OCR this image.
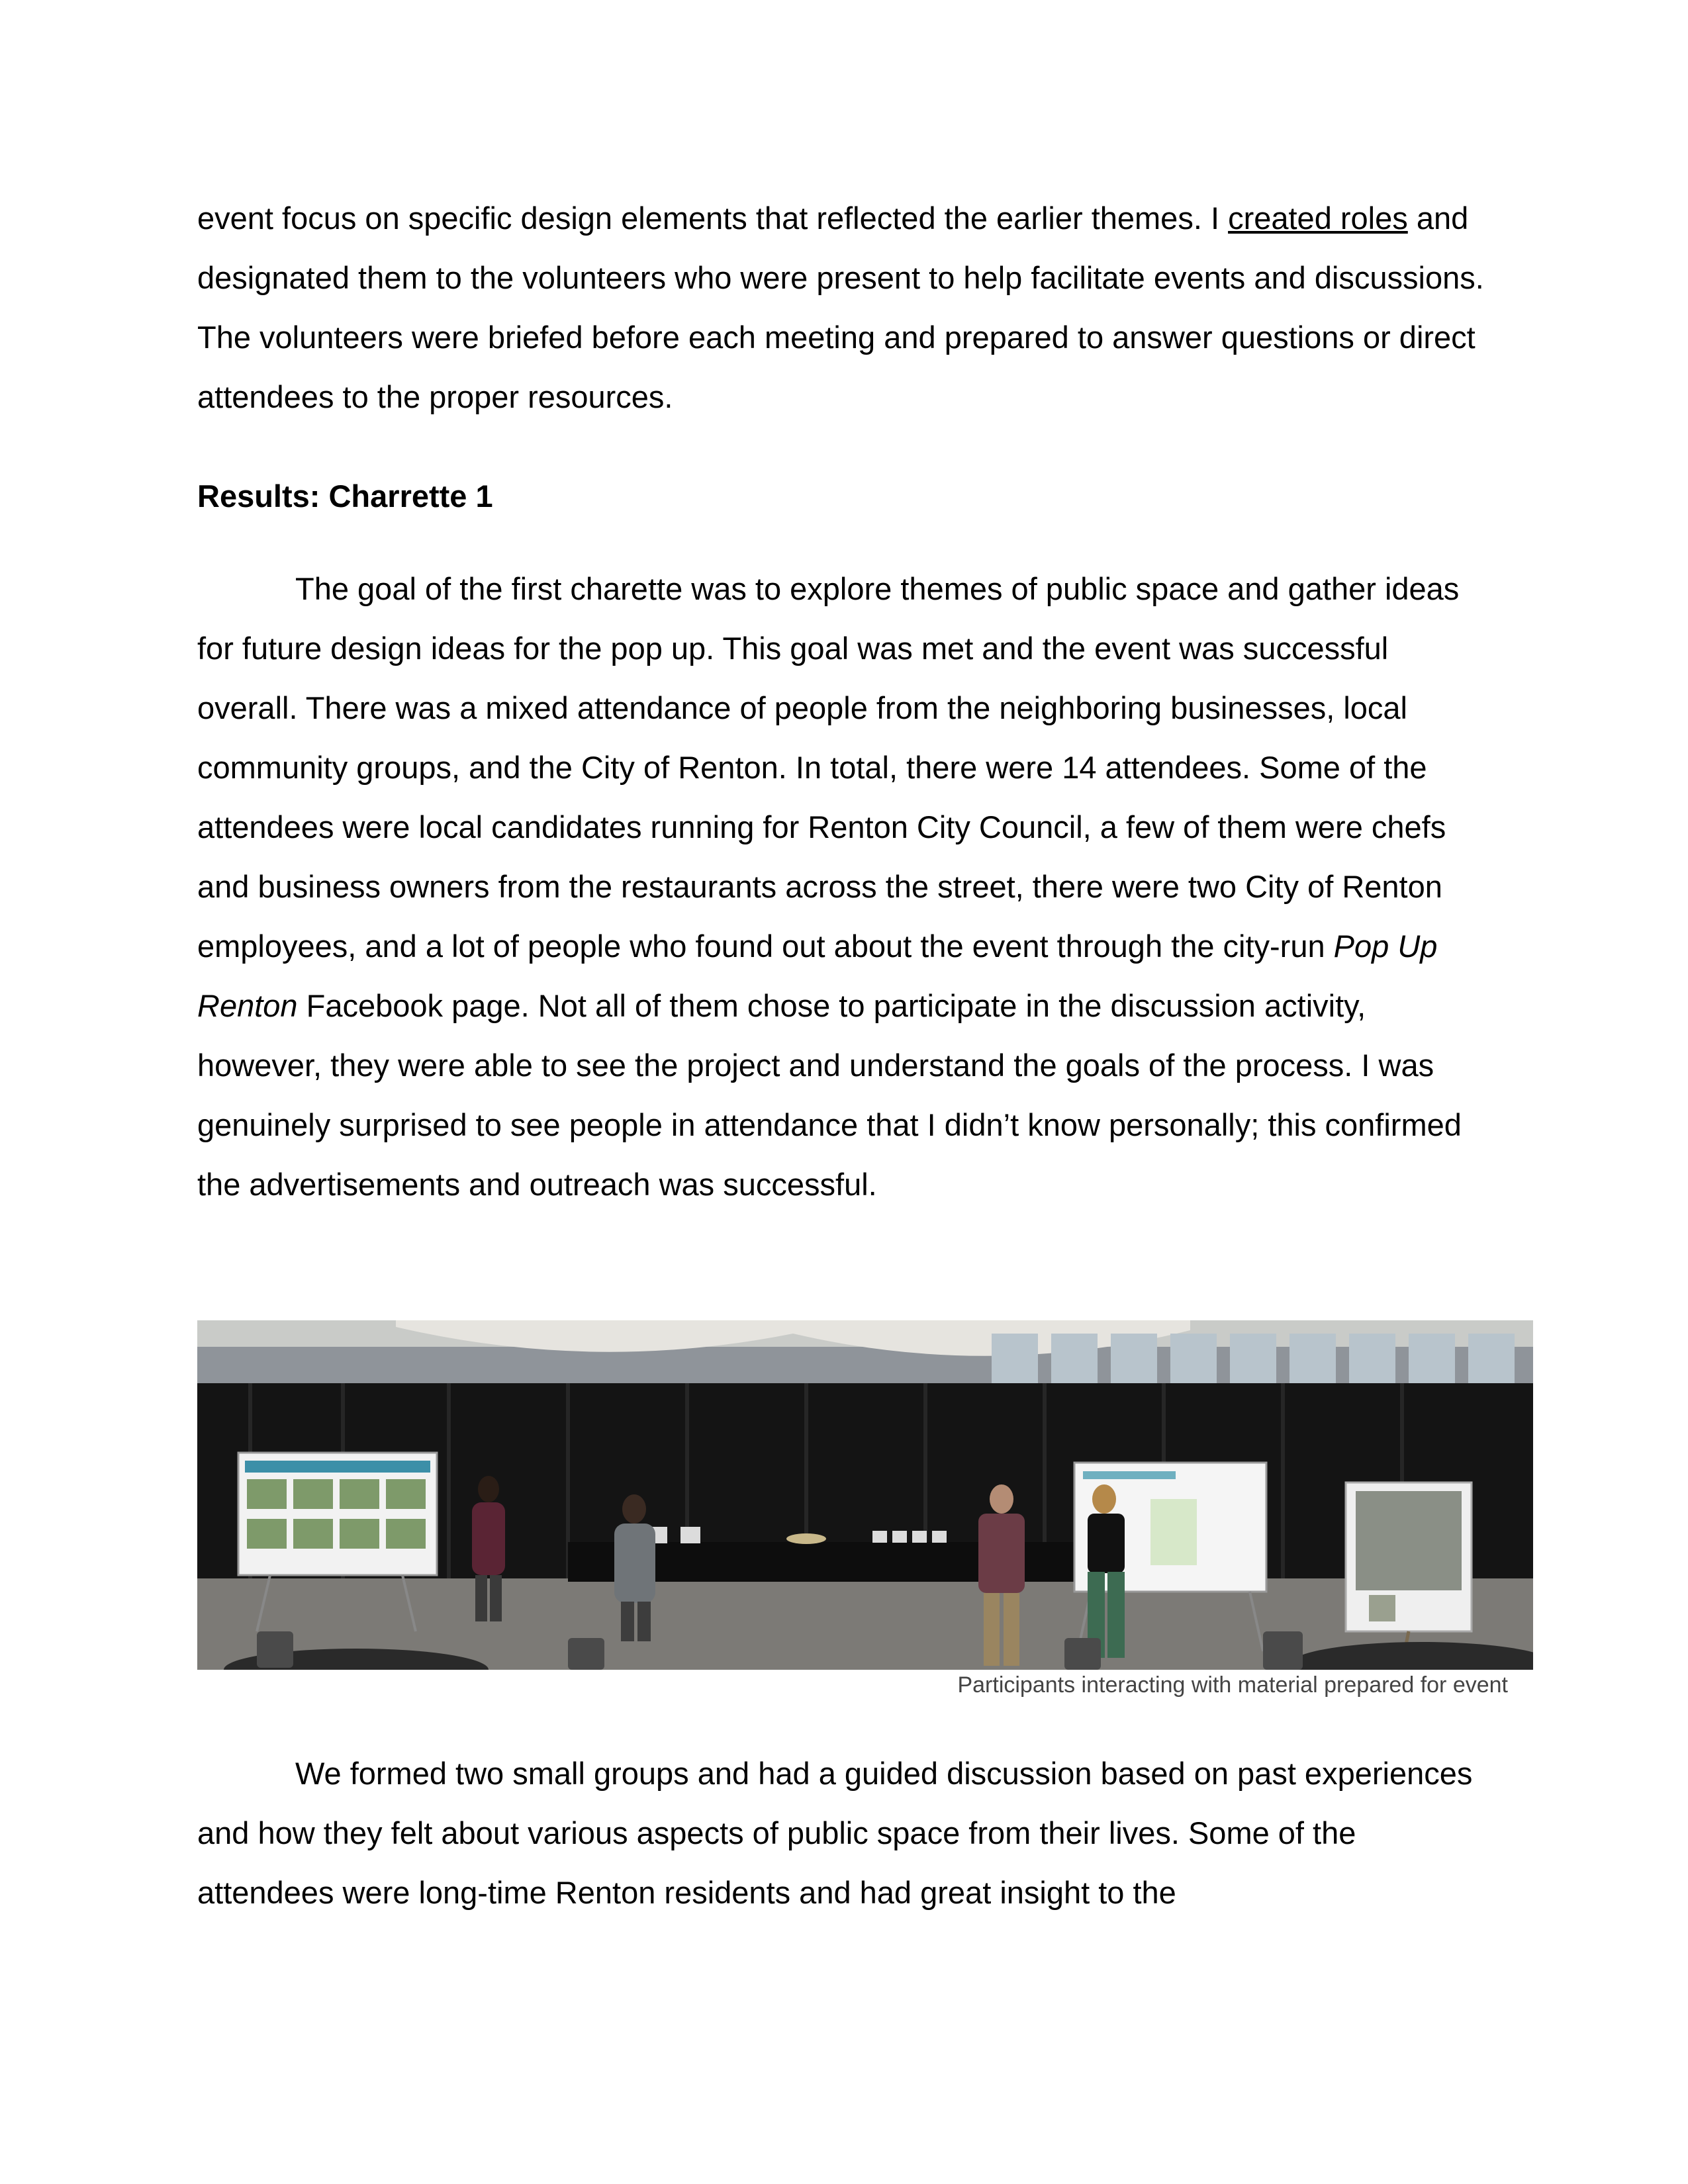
event focus on specific design elements that reflected the earlier themes. I created roles and designated them to the volunteers who were present to help facilitate events and discussions. The volunteers were briefed before each meeting and prepared to answer questions or direct attendees to the proper resources.

Results: Charrette 1

The goal of the first charette was to explore themes of public space and gather ideas for future design ideas for the pop up. This goal was met and the event was successful overall. There was a mixed attendance of people from the neighboring businesses, local community groups, and the City of Renton. In total, there were 14 attendees. Some of the attendees were local candidates running for Renton City Council, a few of them were chefs and business owners from the restaurants across the street, there were two City of Renton employees, and a lot of people who found out about the event through the city-run Pop Up Renton Facebook page. Not all of them chose to participate in the discussion activity, however, they were able to see the project and understand the goals of the process. I was genuinely surprised to see people in attendance that I didn’t know personally; this confirmed the advertisements and outreach was successful.

Participants interacting with material prepared for event

We formed two small groups and had a guided discussion based on past experiences and how they felt about various aspects of public space from their lives. Some of the attendees were long-time Renton residents and had great insight to the
